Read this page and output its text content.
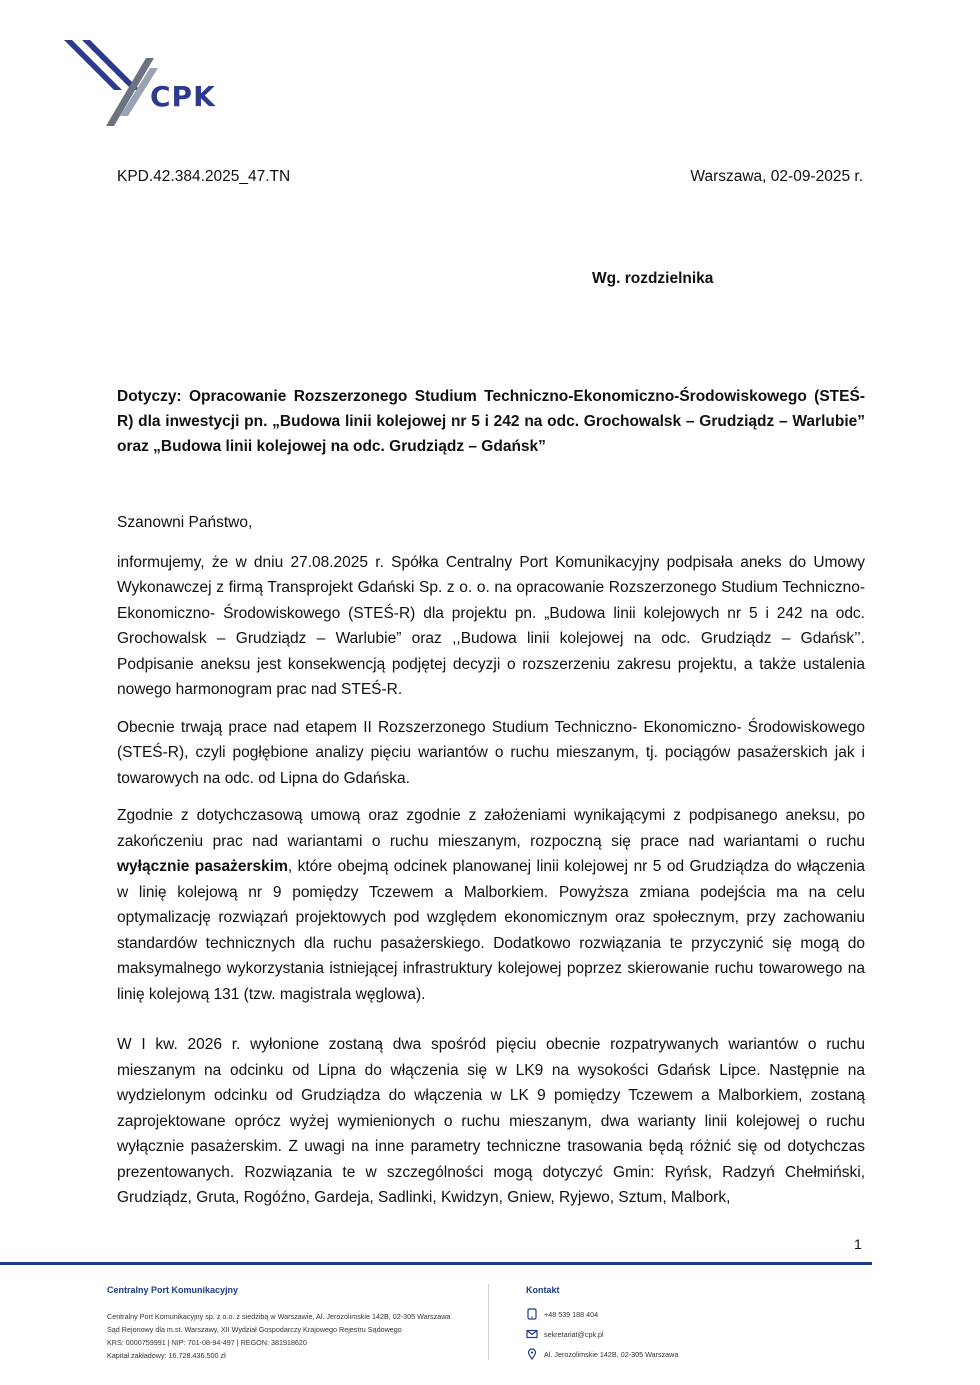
CPK
KPD.42.384.2025_47.TN	Warszawa, 02-09-2025 r.
Wg. rozdzielnika
Dotyczy: Opracowanie Rozszerzonego Studium Techniczno-Ekonomiczno-Środowiskowego (STEŚ-R) dla inwestycji pn. „Budowa linii kolejowej nr 5 i 242 na odc. Grochowalsk – Grudziądz – Warlubie” oraz „Budowa linii kolejowej na odc. Grudziądz – Gdańsk”

Szanowni Państwo,

informujemy, że w dniu 27.08.2025 r. Spółka Centralny Port Komunikacyjny podpisała aneks do Umowy Wykonawczej z firmą Transprojekt Gdański Sp. z o. o. na opracowanie Rozszerzonego Studium Techniczno- Ekonomiczno- Środowiskowego (STEŚ-R) dla projektu pn. „Budowa linii kolejowych nr 5 i 242 na odc. Grochowalsk – Grudziądz – Warlubie” oraz ,,Budowa linii kolejowej na odc. Grudziądz – Gdańsk’’. Podpisanie aneksu jest konsekwencją podjętej decyzji o rozszerzeniu zakresu projektu, a także ustalenia nowego harmonogram prac nad STEŚ-R.

Obecnie trwają prace nad etapem II Rozszerzonego Studium Techniczno- Ekonomiczno- Środowiskowego (STEŚ-R), czyli pogłębione analizy pięciu wariantów o ruchu mieszanym, tj. pociągów pasażerskich jak i towarowych na odc. od Lipna do Gdańska.

Zgodnie z dotychczasową umową oraz zgodnie z założeniami wynikającymi z podpisanego aneksu, po zakończeniu prac nad wariantami o ruchu mieszanym, rozpoczną się prace nad wariantami o ruchu wyłącznie pasażerskim, które obejmą odcinek planowanej linii kolejowej nr 5 od Grudziądza do włączenia w linię kolejową nr 9 pomiędzy Tczewem a Malborkiem. Powyższa zmiana podejścia ma na celu optymalizację rozwiązań projektowych pod względem ekonomicznym oraz społecznym, przy zachowaniu standardów technicznych dla ruchu pasażerskiego. Dodatkowo rozwiązania te przyczynić się mogą do maksymalnego wykorzystania istniejącej infrastruktury kolejowej poprzez skierowanie ruchu towarowego na linię kolejową 131 (tzw. magistrala węglowa).

W I kw. 2026 r. wyłonione zostaną dwa spośród pięciu obecnie rozpatrywanych wariantów o ruchu mieszanym na odcinku od Lipna do włączenia się w LK9 na wysokości Gdańsk Lipce. Następnie na wydzielonym odcinku od Grudziądza do włączenia w LK 9 pomiędzy Tczewem a Malborkiem, zostaną zaprojektowane oprócz wyżej wymienionych o ruchu mieszanym, dwa warianty linii kolejowej o ruchu wyłącznie pasażerskim. Z uwagi na inne parametry techniczne trasowania będą różnić się od dotychczas prezentowanych. Rozwiązania te w szczególności mogą dotyczyć Gmin: Ryńsk, Radzyń Chełmiński, Grudziądz, Gruta, Rogóźno, Gardeja, Sadlinki, Kwidzyn, Gniew, Ryjewo, Sztum, Malbork,

1
Centralny Port Komunikacyjny
Centralny Port Komunikacyjny sp. z o.o. z siedzibą w Warszawie, Al. Jerozolimskie 142B, 02-305 Warszawa
Sąd Rejonowy dla m.st. Warszawy, XII Wydział Gospodarczy Krajowego Rejestru Sądowego
KRS: 0000759991 | NIP: 701-08-94-497 | REGON: 381918620
Kapitał zakładowy: 16.728.436.500 zł
Kontakt
+48 539 188 404
sekretariat@cpk.pl
Al. Jerozolimskie 142B, 02-305 Warszawa
